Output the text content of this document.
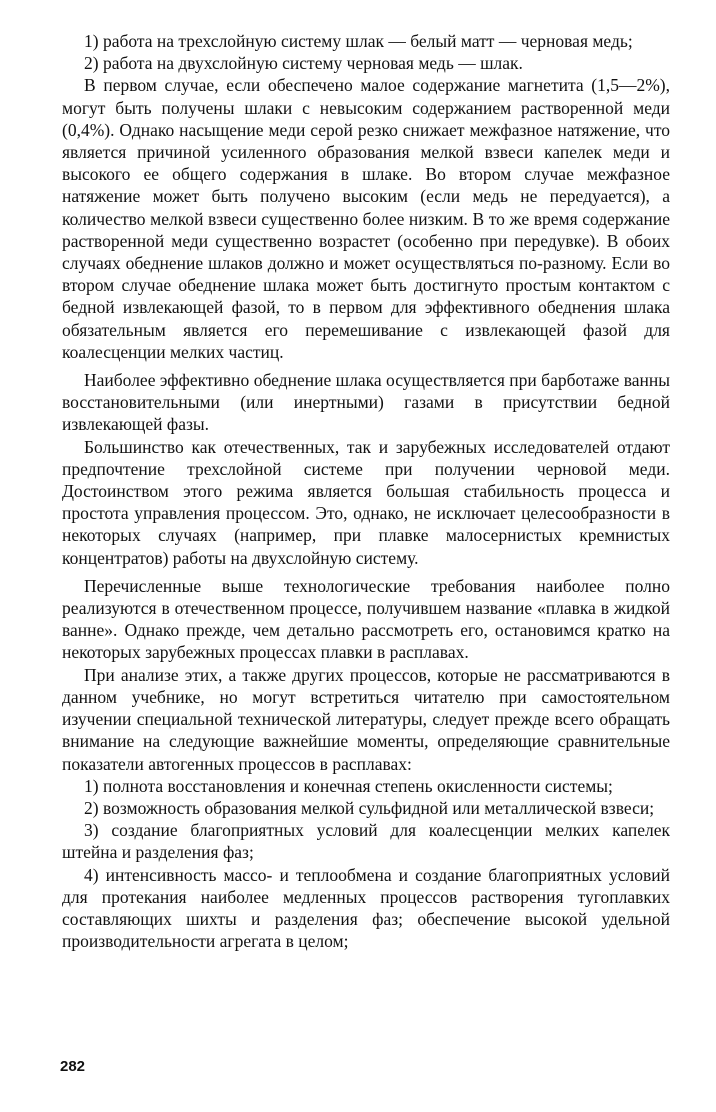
1) работа на трехслойную систему шлак — белый матт — черновая медь;

2) работа на двухслойную систему черновая медь — шлак.

В первом случае, если обеспечено малое содержание магнетита (1,5—2%), могут быть получены шлаки с невысоким содержанием растворенной меди (0,4%). Однако насыщение меди серой резко снижает межфазное натяжение, что является причиной усиленного образования мелкой взвеси капелек меди и высокого ее общего содержания в шлаке. Во втором случае межфазное натяжение может быть получено высоким (если медь не передуается), а количество мелкой взвеси существенно более низким. В то же время содержание растворенной меди существенно возрастет (особенно при передувке). В обоих случаях обеднение шлаков должно и может осуществляться по-разному. Если во втором случае обеднение шлака может быть достигнуто простым контактом с бедной извлекающей фазой, то в первом для эффективного обеднения шлака обязательным является его перемешивание с извлекающей фазой для коалесценции мелких частиц.

Наиболее эффективно обеднение шлака осуществляется при барботаже ванны восстановительными (или инертными) газами в присутствии бедной извлекающей фазы.

Большинство как отечественных, так и зарубежных исследователей отдают предпочтение трехслойной системе при получении черновой меди. Достоинством этого режима является большая стабильность процесса и простота управления процессом. Это, однако, не исключает целесообразности в некоторых случаях (например, при плавке малосернистых кремнистых концентратов) работы на двухслойную систему.

Перечисленные выше технологические требования наиболее полно реализуются в отечественном процессе, получившем название «плавка в жидкой ванне». Однако прежде, чем детально рассмотреть его, остановимся кратко на некоторых зарубежных процессах плавки в расплавах.

При анализе этих, а также других процессов, которые не рассматриваются в данном учебнике, но могут встретиться читателю при самостоятельном изучении специальной технической литературы, следует прежде всего обращать внимание на следующие важнейшие моменты, определяющие сравнительные показатели автогенных процессов в расплавах:

1) полнота восстановления и конечная степень окисленности системы;

2) возможность образования мелкой сульфидной или металлической взвеси;

3) создание благоприятных условий для коалесценции мелких капелек штейна и разделения фаз;

4) интенсивность массо- и теплообмена и создание благоприятных условий для протекания наиболее медленных процессов растворения тугоплавких составляющих шихты и разделения фаз; обеспечение высокой удельной производительности агрегата в целом;

282
